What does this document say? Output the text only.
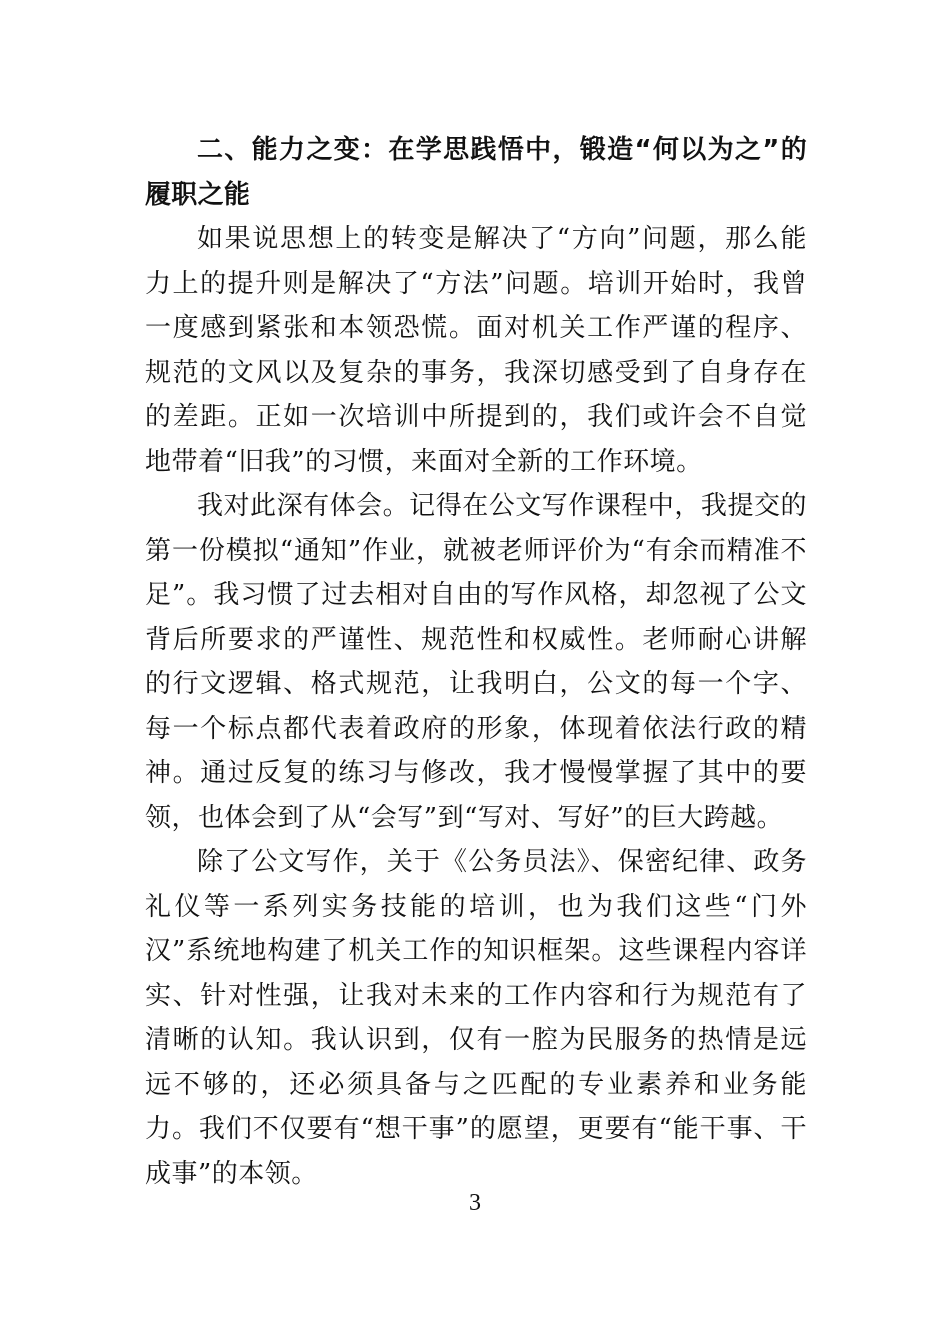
二、能力之变：在学思践悟中，锻造“何以为之”的履职之能

如果说思想上的转变是解决了“方向”问题，那么能力上的提升则是解决了“方法”问题。培训开始时，我曾一度感到紧张和本领恐慌。面对机关工作严谨的程序、规范的文风以及复杂的事务，我深切感受到了自身存在的差距。正如一次培训中所提到的，我们或许会不自觉地带着“旧我”的习惯，来面对全新的工作环境。

我对此深有体会。记得在公文写作课程中，我提交的第一份模拟“通知”作业，就被老师评价为“有余而精准不足”。我习惯了过去相对自由的写作风格，却忽视了公文背后所要求的严谨性、规范性和权威性。老师耐心讲解的行文逻辑、格式规范，让我明白，公文的每一个字、每一个标点都代表着政府的形象，体现着依法行政的精神。通过反复的练习与修改，我才慢慢掌握了其中的要领，也体会到了从“会写”到“写对、写好”的巨大跨越。

除了公文写作，关于《公务员法》、保密纪律、政务礼仪等一系列实务技能的培训，也为我们这些“门外汉”系统地构建了机关工作的知识框架。这些课程内容详实、针对性强，让我对未来的工作内容和行为规范有了清晰的认知。我认识到，仅有一腔为民服务的热情是远远不够的，还必须具备与之匹配的专业素养和业务能力。我们不仅要有“想干事”的愿望，更要有“能干事、干成事”的本领。

3
